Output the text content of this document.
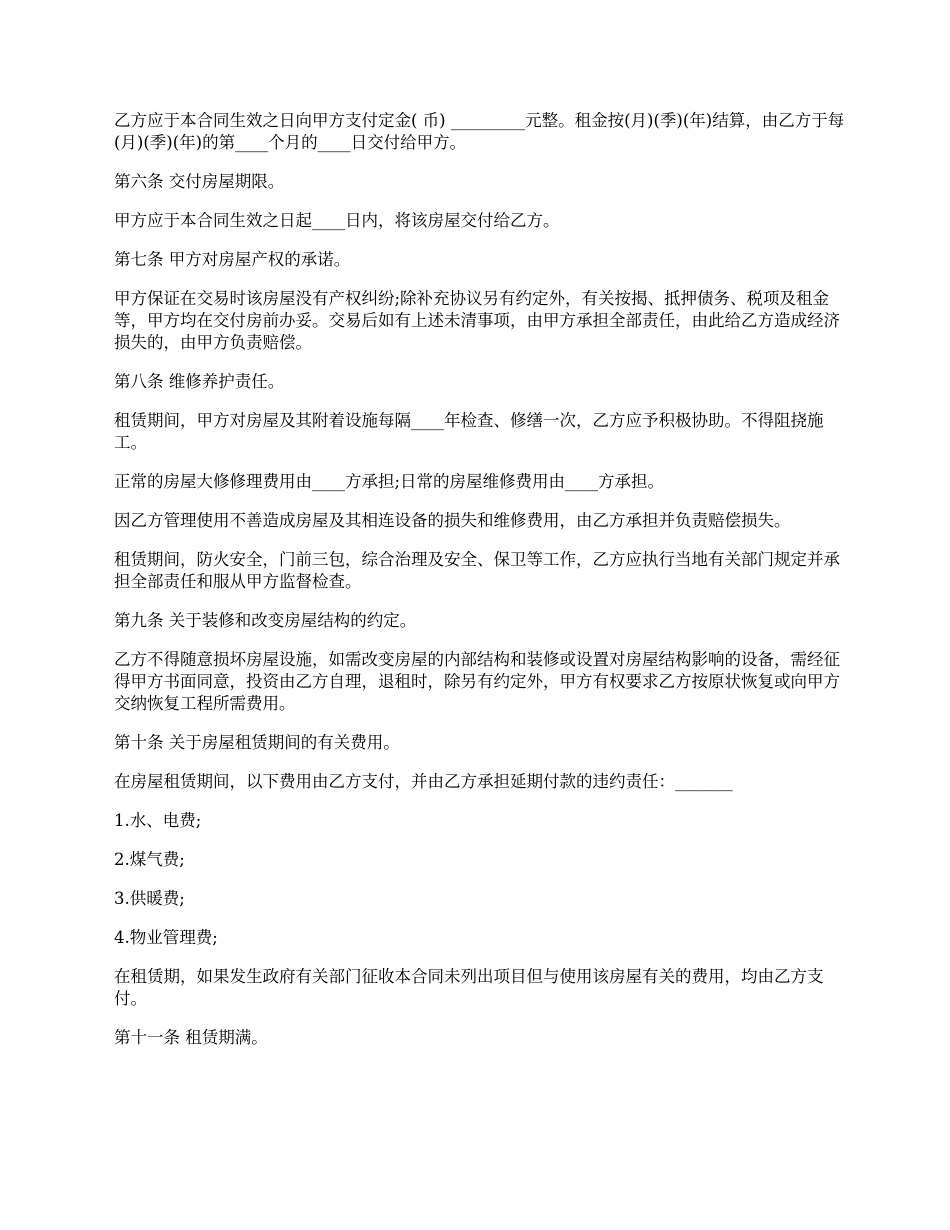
乙方应于本合同生效之日向甲方支付定金( 币) _________元整。租金按(月)(季)(年)结算，由乙方于每(月)(季)(年)的第____个月的____日交付给甲方。

第六条 交付房屋期限。

甲方应于本合同生效之日起____日内，将该房屋交付给乙方。

第七条 甲方对房屋产权的承诺。

甲方保证在交易时该房屋没有产权纠纷;除补充协议另有约定外，有关按揭、抵押债务、税项及租金等，甲方均在交付房前办妥。交易后如有上述未清事项，由甲方承担全部责任，由此给乙方造成经济损失的，由甲方负责赔偿。

第八条 维修养护责任。

租赁期间，甲方对房屋及其附着设施每隔____年检查、修缮一次，乙方应予积极协助。不得阻挠施工。

正常的房屋大修修理费用由____方承担;日常的房屋维修费用由____方承担。

因乙方管理使用不善造成房屋及其相连设备的损失和维修费用，由乙方承担并负责赔偿损失。

租赁期间，防火安全，门前三包，综合治理及安全、保卫等工作，乙方应执行当地有关部门规定并承担全部责任和服从甲方监督检查。

第九条 关于装修和改变房屋结构的约定。

乙方不得随意损坏房屋设施，如需改变房屋的内部结构和装修或设置对房屋结构影响的设备，需经征得甲方书面同意，投资由乙方自理，退租时，除另有约定外，甲方有权要求乙方按原状恢复或向甲方交纳恢复工程所需费用。

第十条 关于房屋租赁期间的有关费用。

在房屋租赁期间，以下费用由乙方支付，并由乙方承担延期付款的违约责任：_______

1.水、电费;

2.煤气费;

3.供暖费;

4.物业管理费;

在租赁期，如果发生政府有关部门征收本合同未列出项目但与使用该房屋有关的费用，均由乙方支付。

第十一条 租赁期满。
